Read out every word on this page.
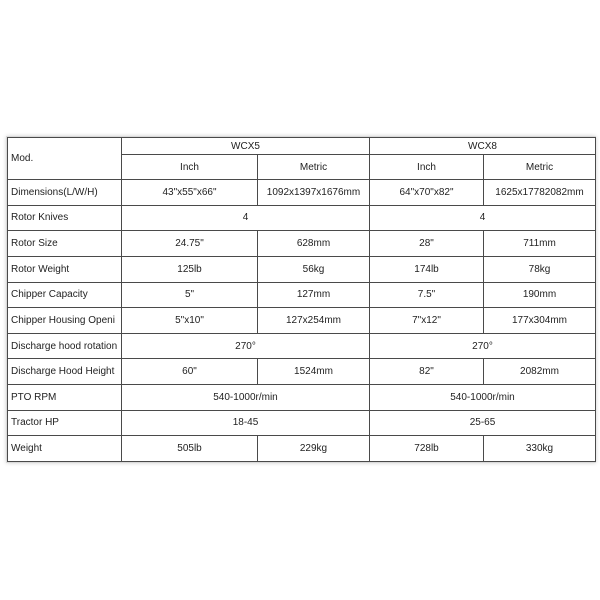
Mod.	WCX5		WCX8	
	Inch	Metric	Inch	Metric
Dimensions(L/W/H)	43"x55"x66"	1092x1397x1676mm	64"x70"x82"	1625x17782082mm
Rotor Knives	4		4	
Rotor Size	24.75"	628mm	28"	711mm
Rotor Weight	125lb	56kg	174lb	78kg
Chipper Capacity	5"	127mm	7.5"	190mm
Chipper Housing Openi	5"x10"	127x254mm	7"x12"	177x304mm
Discharge hood rotation	270°		270°	
Discharge Hood Height	60"	1524mm	82"	2082mm
PTO RPM	540-1000r/min		540-1000r/min	
Tractor HP	18-45		25-65	
Weight	505lb	229kg	728lb	330kg
